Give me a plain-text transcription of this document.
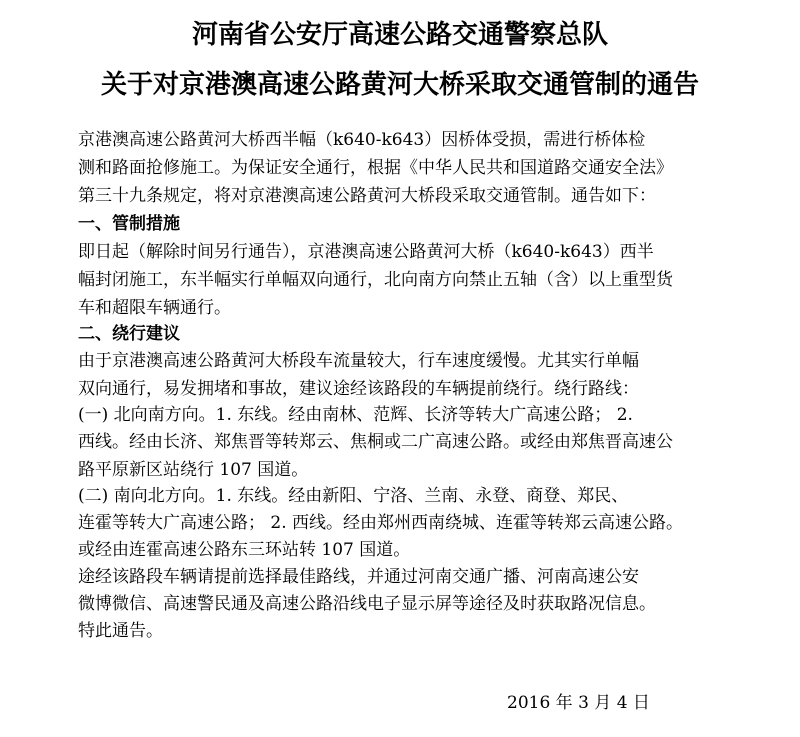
河南省公安厅高速公路交通警察总队
关于对京港澳高速公路黄河大桥采取交通管制的通告
京港澳高速公路黄河大桥西半幅（k640-k643）因桥体受损，需进行桥体检
测和路面抢修施工。为保证安全通行，根据《中华人民共和国道路交通安全法》
第三十九条规定，将对京港澳高速公路黄河大桥段采取交通管制。通告如下：
一、管制措施
即日起（解除时间另行通告），京港澳高速公路黄河大桥（k640-k643）西半
幅封闭施工，东半幅实行单幅双向通行，北向南方向禁止五轴（含）以上重型货
车和超限车辆通行。
二、绕行建议
由于京港澳高速公路黄河大桥段车流量较大，行车速度缓慢。尤其实行单幅
双向通行，易发拥堵和事故，建议途经该路段的车辆提前绕行。绕行路线：
(一) 北向南方向。1. 东线。经由南林、范辉、长济等转大广高速公路； 2.
西线。经由长济、郑焦晋等转郑云、焦桐或二广高速公路。或经由郑焦晋高速公
路平原新区站绕行 107 国道。
(二) 南向北方向。1. 东线。经由新阳、宁洛、兰南、永登、商登、郑民、
连霍等转大广高速公路； 2. 西线。经由郑州西南绕城、连霍等转郑云高速公路。
或经由连霍高速公路东三环站转 107 国道。
途经该路段车辆请提前选择最佳路线，并通过河南交通广播、河南高速公安
微博微信、高速警民通及高速公路沿线电子显示屏等途径及时获取路况信息。
特此通告。
2016 年 3 月 4 日
